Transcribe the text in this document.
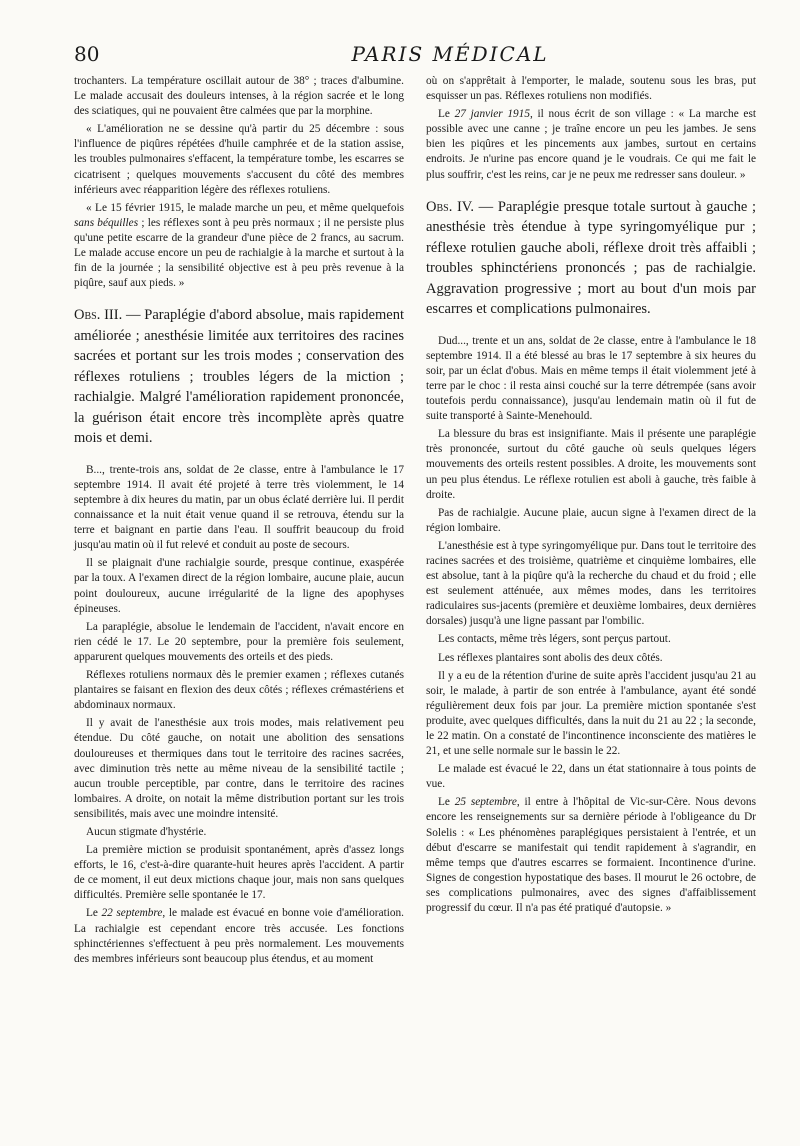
80	PARIS MÉDICAL

trochanters. La température oscillait autour de 38° ; traces d'albumine. Le malade accusait des douleurs intenses, à la région sacrée et le long des sciatiques, qui ne pouvaient être calmées que par la morphine.

« L'amélioration ne se dessine qu'à partir du 25 décembre : sous l'influence de piqûres répétées d'huile camphrée et de la station assise, les troubles pulmonaires s'effacent, la température tombe, les escarres se cicatrisent ; quelques mouvements s'accusent du côté des membres inférieurs avec réapparition légère des réflexes rotuliens.

« Le 15 février 1915, le malade marche un peu, et même quelquefois sans béquilles ; les réflexes sont à peu près normaux ; il ne persiste plus qu'une petite escarre de la grandeur d'une pièce de 2 francs, au sacrum. Le malade accuse encore un peu de rachialgie à la marche et surtout à la fin de la journée ; la sensibilité objective est à peu près revenue à la piqûre, sauf aux pieds. »

Obs. III. — Paraplégie d'abord absolue, mais rapidement améliorée ; anesthésie limitée aux territoires des racines sacrées et portant sur les trois modes ; conservation des réflexes rotuliens ; troubles légers de la miction ; rachialgie. Malgré l'amélioration rapidement prononcée, la guérison était encore très incomplète après quatre mois et demi.

B..., trente-trois ans, soldat de 2e classe, entre à l'ambulance le 17 septembre 1914. Il avait été projeté à terre très violemment, le 14 septembre à dix heures du matin, par un obus éclaté derrière lui. Il perdit connaissance et la nuit était venue quand il se retrouva, étendu sur la terre et baignant en partie dans l'eau. Il souffrit beaucoup du froid jusqu'au matin où il fut relevé et conduit au poste de secours.

Il se plaignait d'une rachialgie sourde, presque continue, exaspérée par la toux. A l'examen direct de la région lombaire, aucune plaie, aucun point douloureux, aucune irrégularité de la ligne des apophyses épineuses.

La paraplégie, absolue le lendemain de l'accident, n'avait encore en rien cédé le 17. Le 20 septembre, pour la première fois seulement, apparurent quelques mouvements des orteils et des pieds.

Réflexes rotuliens normaux dès le premier examen ; réflexes cutanés plantaires se faisant en flexion des deux côtés ; réflexes crémastériens et abdominaux normaux.

Il y avait de l'anesthésie aux trois modes, mais relativement peu étendue. Du côté gauche, on notait une abolition des sensations douloureuses et thermiques dans tout le territoire des racines sacrées, avec diminution très nette au même niveau de la sensibilité tactile ; aucun trouble perceptible, par contre, dans le territoire des racines lombaires. A droite, on notait la même distribution portant sur les trois sensibilités, mais avec une moindre intensité.

Aucun stigmate d'hystérie.

La première miction se produisit spontanément, après d'assez longs efforts, le 16, c'est-à-dire quarante-huit heures après l'accident. A partir de ce moment, il eut deux mictions chaque jour, mais non sans quelques difficultés. Première selle spontanée le 17.

Le 22 septembre, le malade est évacué en bonne voie d'amélioration. La rachialgie est cependant encore très accusée. Les fonctions sphinctériennes s'effectuent à peu près normalement. Les mouvements des membres inférieurs sont beaucoup plus étendus, et au moment

où on s'apprêtait à l'emporter, le malade, soutenu sous les bras, put esquisser un pas. Réflexes rotuliens non modifiés.

Le 27 janvier 1915, il nous écrit de son village : « La marche est possible avec une canne ; je traîne encore un peu les jambes. Je sens bien les piqûres et les pincements aux jambes, surtout en certains endroits. Je n'urine pas encore quand je le voudrais. Ce qui me fait le plus souffrir, c'est les reins, car je ne peux me redresser sans douleur. »

Obs. IV. — Paraplégie presque totale surtout à gauche ; anesthésie très étendue à type syringomyélique pur ; réflexe rotulien gauche aboli, réflexe droit très affaibli ; troubles sphinctériens prononcés ; pas de rachialgie. Aggravation progressive ; mort au bout d'un mois par escarres et complications pulmonaires.

Dud..., trente et un ans, soldat de 2e classe, entre à l'ambulance le 18 septembre 1914. Il a été blessé au bras le 17 septembre à six heures du soir, par un éclat d'obus. Mais en même temps il était violemment jeté à terre par le choc : il resta ainsi couché sur la terre détrempée (sans avoir toutefois perdu connaissance), jusqu'au lendemain matin où il fut de suite transporté à Sainte-Menehould.

La blessure du bras est insignifiante. Mais il présente une paraplégie très prononcée, surtout du côté gauche où seuls quelques légers mouvements des orteils restent possibles. A droite, les mouvements sont un peu plus étendus. Le réflexe rotulien est aboli à gauche, très faible à droite.

Pas de rachialgie. Aucune plaie, aucun signe à l'examen direct de la région lombaire.

L'anesthésie est à type syringomyélique pur. Dans tout le territoire des racines sacrées et des troisième, quatrième et cinquième lombaires, elle est absolue, tant à la piqûre qu'à la recherche du chaud et du froid ; elle est seulement atténuée, aux mêmes modes, dans les territoires radiculaires sus-jacents (première et deuxième lombaires, deux dernières dorsales) jusqu'à une ligne passant par l'ombilic.

Les contacts, même très légers, sont perçus partout.

Les réflexes plantaires sont abolis des deux côtés.

Il y a eu de la rétention d'urine de suite après l'accident jusqu'au 21 au soir, le malade, à partir de son entrée à l'ambulance, ayant été sondé régulièrement deux fois par jour. La première miction spontanée s'est produite, avec quelques difficultés, dans la nuit du 21 au 22 ; la seconde, le 22 matin. On a constaté de l'incontinence inconsciente des matières le 21, et une selle normale sur le bassin le 22.

Le malade est évacué le 22, dans un état stationnaire à tous points de vue.

Le 25 septembre, il entre à l'hôpital de Vic-sur-Cère. Nous devons encore les renseignements sur sa dernière période à l'obligeance du Dr Solelis : « Les phénomènes paraplégiques persistaient à l'entrée, et un début d'escarre se manifestait qui tendit rapidement à s'agrandir, en même temps que d'autres escarres se formaient. Incontinence d'urine. Signes de congestion hypostatique des bases. Il mourut le 26 octobre, de ses complications pulmonaires, avec des signes d'affaiblissement progressif du cœur. Il n'a pas été pratiqué d'autopsie. »
